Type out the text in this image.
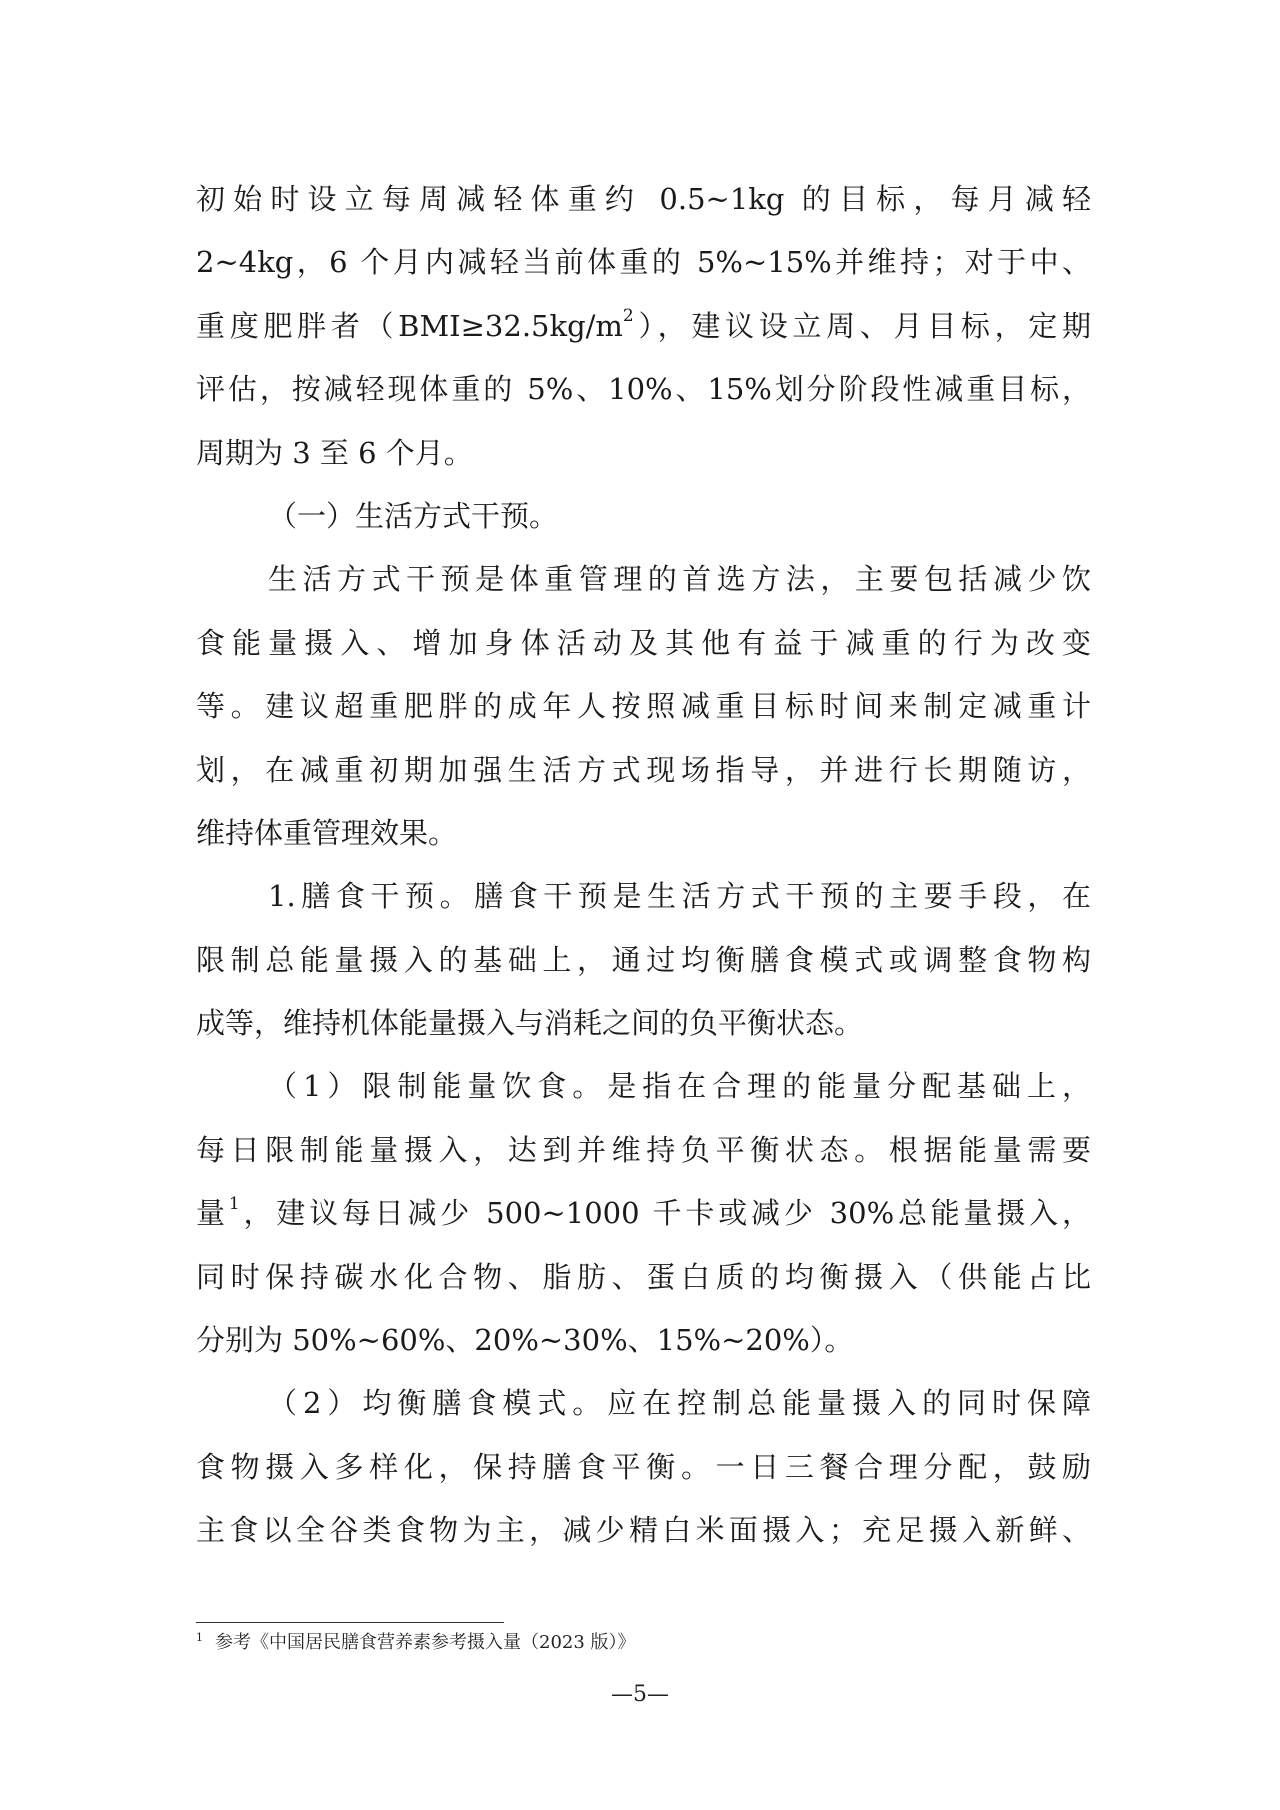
初始时设立每周减轻体重约 0.5~1kg 的目标，每月减轻
2~4kg，6 个月内减轻当前体重的 5%~15%并维持；对于中、
重度肥胖者$(BMI\ge 32.5kg/m^2)$，建议设立周、月目标，定期
评估，按减轻现体重的 5%、10%、15%划分阶段性减重目标，
周期为 3 至 6 个月。
（一）生活方式干预。
生活方式干预是体重管理的首选方法，主要包括减少饮
食能量摄入、增加身体活动及其他有益于减重的行为改变
等。建议超重肥胖的成年人按照减重目标时间来制定减重计
划，在减重初期加强生活方式现场指导，并进行长期随访，
维持体重管理效果。
1.膳食干预。膳食干预是生活方式干预的主要手段，在
限制总能量摄入的基础上，通过均衡膳食模式或调整食物构
成等，维持机体能量摄入与消耗之间的负平衡状态。
（1）限制能量饮食。是指在合理的能量分配基础上，
每日限制能量摄入，达到并维持负平衡状态。根据能量需要
量$^1$，建议每日减少 500~1000 千卡或减少 30%总能量摄入，
同时保持碳水化合物、脂肪、蛋白质的均衡摄入（供能占比
分别为 50%~60%、20%~30%、15%~20%）。
（2）均衡膳食模式。应在控制总能量摄入的同时保障
食物摄入多样化，保持膳食平衡。一日三餐合理分配，鼓励
主食以全谷类食物为主，减少精白米面摄入；充足摄入新鲜、
$^1$ 参考《中国居民膳食营养素参考摄入量（2023 版）》
—5—
